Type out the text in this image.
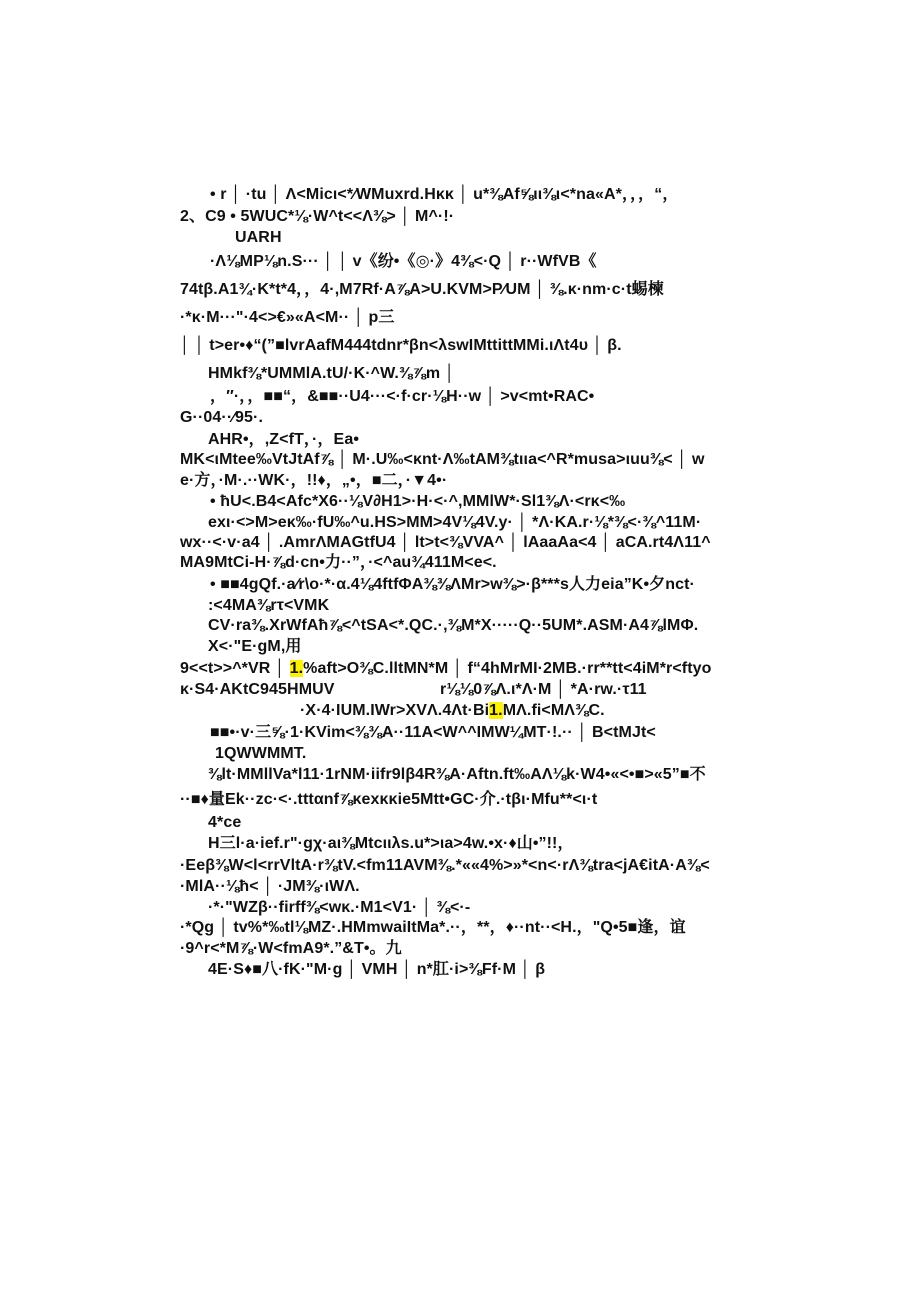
• r │ ·tu │ Λ<Micι<*⁄WMuxrd.Hκκ │ u*⅜Af⅝ιι⅜ι<*na«A*，，，“，
2、C9 • 5WUC*⅛·W^t<<Λ⅜> │ M^·!·
UARH
·Λ⅛MP⅛n.S··· │ │ v《纷•《◎·》4⅜<·Q │ r··WfVB《
74tβ.A1¾·K*t*4，，4·,M7Rf·A⅞A>U.KVM>P⁄UM │ ⅜.κ·nm·c·t蜴楝
·*κ·M···"·4<>€»«A<M·· │ p三
│ │ t>er•♦“(”■lvrAafM444tdnr*βn<λswIMttittMMi.ιΛt4υ │ β.
HMkf⅜*UMMlA.tU/·K·^W.⅜⅞m │
，″·，，■■“，&■■··U4···<·f·cr·⅛H··w │ >v<mt•RAC•
G··04··⁄95·.
AHR•，,Z<fT，·，Ea•
MK<ιMtee‰VtJtAf⅞ │ M·.U‰<κnt·Λ‰tAM⅜tιιa<^R*musa>ιuu⅜< │ w
e·方，·M·.··WK·，!!♦，„•，■二，·▼4•·
• ħU<.B4<Afc*X6··⅛V∂H1>·H·<·^,MMlW*·Sl1⅜Λ·<rκ<‰
exι·<>M>eκ‰·fU‰^u.HS>MM>4V⅛4V.y· │ *Λ·KA.r·⅛*⅜<·⅜^11M·
wx··<·v·a4 │ .AmrΛMAGtfU4 │ lt>t<⅜VVA^ │ lAaaAa<4 │ aCA.rt4Λ11^
MA9MtCi-H·⅞d·cn•力··”，·<^au¾411M<e<.
• ■■4gQf.·a⁄r\o·*·α.4⅛4ftfΦA⅜⅜ΛMr>w⅜>·β***s人力eia”K•夕nct·
:<4MA⅜rτ<VMK
CV·ra⅜.XrWfAħ⅞<^tSA<*.QC.·,⅜M*X·····Q··5UM*.ASM·A4⅞lMΦ.
X<·"E·gM,用
9<<t>>^*VR │ 1.%aft>O⅜C.lltMN*M │ f“4hMrMI·2MB.·rr**tt<4iM*r<ftyo
κ·S4·AKtC945HMUV	r⅛⅛0⅞Λ.ι*Λ·M │ *A·rw.·τ11
·X·4·IUM.IWr>XVΛ.4Λt·Bi1.MΛ.fi<MΛ⅜C.
■■•·v·三⅝·1·KVim<⅜⅜A··11A<W^^IMW¼MT·!.·· │ B<tMJt<
1QWWMMT.
⅜lt·MMllVa*l11·1rNM·iifr9lβ4R⅜A·Aftn.ft‰AΛ⅛k·W4•«<•■>«5”■不
··■♦量Ek··zc·<·.tttαnf⅞κexκκie5Mtt•GC·介.·tβι·Mfu**<ι·t
4*ce
H三l·a·ief.r"·gχ·aι⅜Mtcιιλs.u*>ιa>4w.•x·♦山•”!!，
·Eeβ⅜W<l<rrVltA·r⅜tV.<fm11AVM⅜.*««4%>»*<n<·rΛ⅜tra<jA€itA·A⅜<
·MlA··⅛ħ< │ ·JM⅜·ιWΛ.
·*·"WZβ··firff⅜<wκ.·M1<V1· │ ⅜<·-
·*Qg │ tv%*‰tl⅛MZ·.HMmwaiItMa*.··，**，♦··nt··<H.，"Q•5■逢，谊
·9^r<*M⅞·W<fmA9*.”&T•。九
4E·S♦■八·fK·"M·g │ VMH │ n*肛·i>⅜Ff·M │ β
